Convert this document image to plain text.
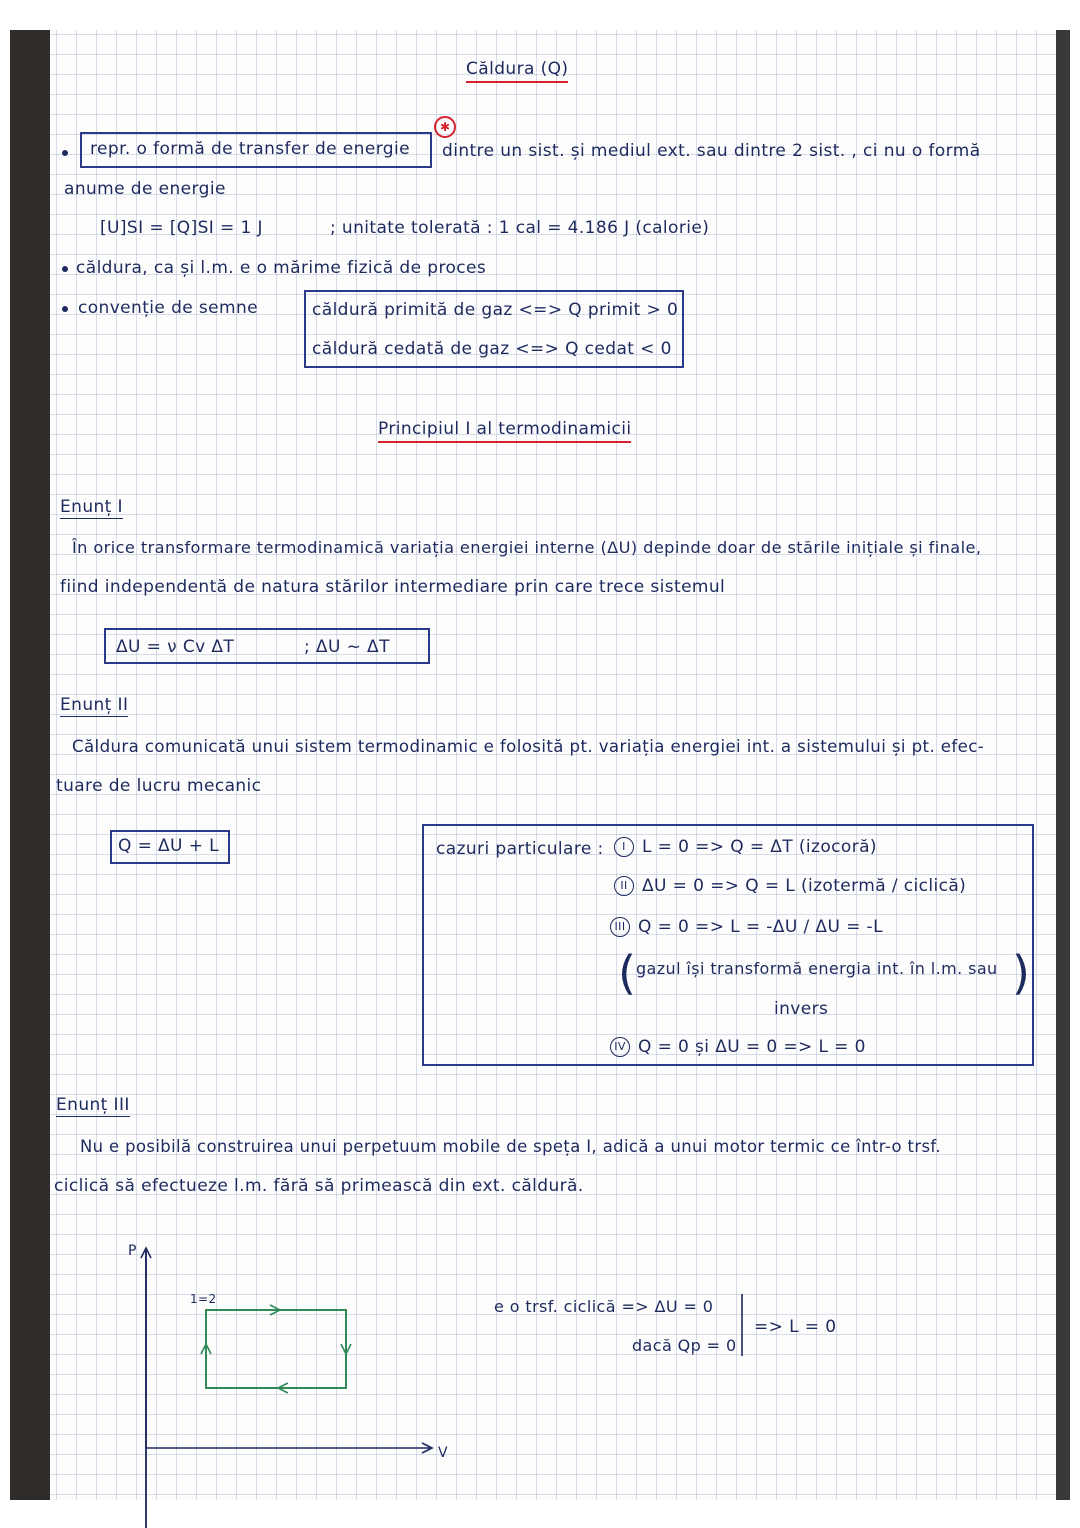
Căldura (Q)
✱
repr. o formă de transfer de energie dintre un sist. și mediul ext. sau dintre 2 sist. , ci nu o formă
anume de energie
[U]SI = [Q]SI = 1 J	; unitate tolerată : 1 cal = 4.186 J (calorie)
căldura, ca și l.m. e o mărime fizică de proces
convenție de semne	căldură primită de gaz <=> Q primit > 0
căldură cedată de gaz <=> Q cedat < 0
Principiul I al termodinamicii
Enunț I
În orice transformare termodinamică variația energiei interne (ΔU) depinde doar de stările inițiale și finale,
fiind independentă de natura stărilor intermediare prin care trece sistemul
ΔU = ν Cv ΔT	; ΔU ~ ΔT
Enunț II
Căldura comunicată unui sistem termodinamic e folosită pt. variația energiei int. a sistemului și pt. efec-
tuare de lucru mecanic
Q = ΔU + L	cazuri particulare :	I L = 0 => Q = ΔT (izocoră)
II ΔU = 0 => Q = L (izotermă / ciclică)
III Q = 0 => L = -ΔU / ΔU = -L
( gazul își transformă energia int. în l.m. sau )
invers
IV Q = 0 și ΔU = 0 => L = 0
Enunț III
Nu e posibilă construirea unui perpetuum mobile de speța I, adică a unui motor termic ce într-o trsf.
ciclică să efectueze l.m. fără să primească din ext. căldură.
P
V
1=2	e o trsf. ciclică => ΔU = 0
dacă Qp = 0
=> L = 0
